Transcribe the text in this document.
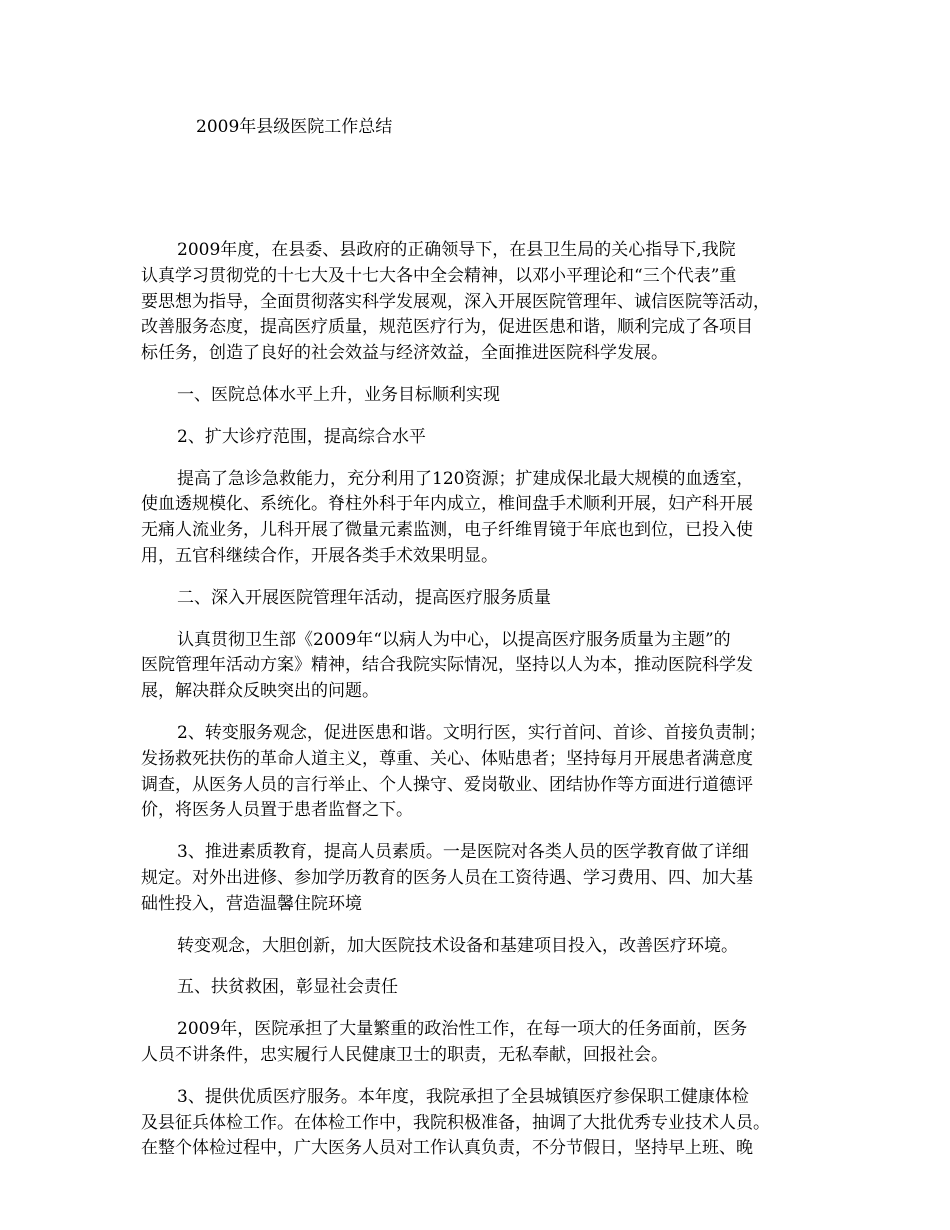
2009年县级医院工作总结
2009年度，在县委、县政府的正确领导下，在县卫生局的关心指导下,我院
认真学习贯彻党的十七大及十七大各中全会精神，以邓小平理论和“三个代表”重
要思想为指导，全面贯彻落实科学发展观，深入开展医院管理年、诚信医院等活动，
改善服务态度，提高医疗质量，规范医疗行为，促进医患和谐，顺利完成了各项目
标任务，创造了良好的社会效益与经济效益，全面推进医院科学发展。
一、医院总体水平上升，业务目标顺利实现
2、扩大诊疗范围，提高综合水平
提高了急诊急救能力，充分利用了120资源；扩建成保北最大规模的血透室，
使血透规模化、系统化。脊柱外科于年内成立，椎间盘手术顺利开展，妇产科开展
无痛人流业务，儿科开展了微量元素监测，电子纤维胃镜于年底也到位，已投入使
用，五官科继续合作，开展各类手术效果明显。
二、深入开展医院管理年活动，提高医疗服务质量
认真贯彻卫生部《2009年“以病人为中心，以提高医疗服务质量为主题”的
医院管理年活动方案》精神，结合我院实际情况，坚持以人为本，推动医院科学发
展，解决群众反映突出的问题。
2、转变服务观念，促进医患和谐。文明行医，实行首问、首诊、首接负责制；
发扬救死扶伤的革命人道主义，尊重、关心、体贴患者；坚持每月开展患者满意度
调查，从医务人员的言行举止、个人操守、爱岗敬业、团结协作等方面进行道德评
价，将医务人员置于患者监督之下。
3、推进素质教育，提高人员素质。一是医院对各类人员的医学教育做了详细
规定。对外出进修、参加学历教育的医务人员在工资待遇、学习费用、四、加大基
础性投入，营造温馨住院环境
转变观念，大胆创新，加大医院技术设备和基建项目投入，改善医疗环境。
五、扶贫救困，彰显社会责任
2009年，医院承担了大量繁重的政治性工作，在每一项大的任务面前，医务
人员不讲条件，忠实履行人民健康卫士的职责，无私奉献，回报社会。
3、提供优质医疗服务。本年度，我院承担了全县城镇医疗参保职工健康体检
及县征兵体检工作。在体检工作中，我院积极准备，抽调了大批优秀专业技术人员。
在整个体检过程中，广大医务人员对工作认真负责，不分节假日，坚持早上班、晚
